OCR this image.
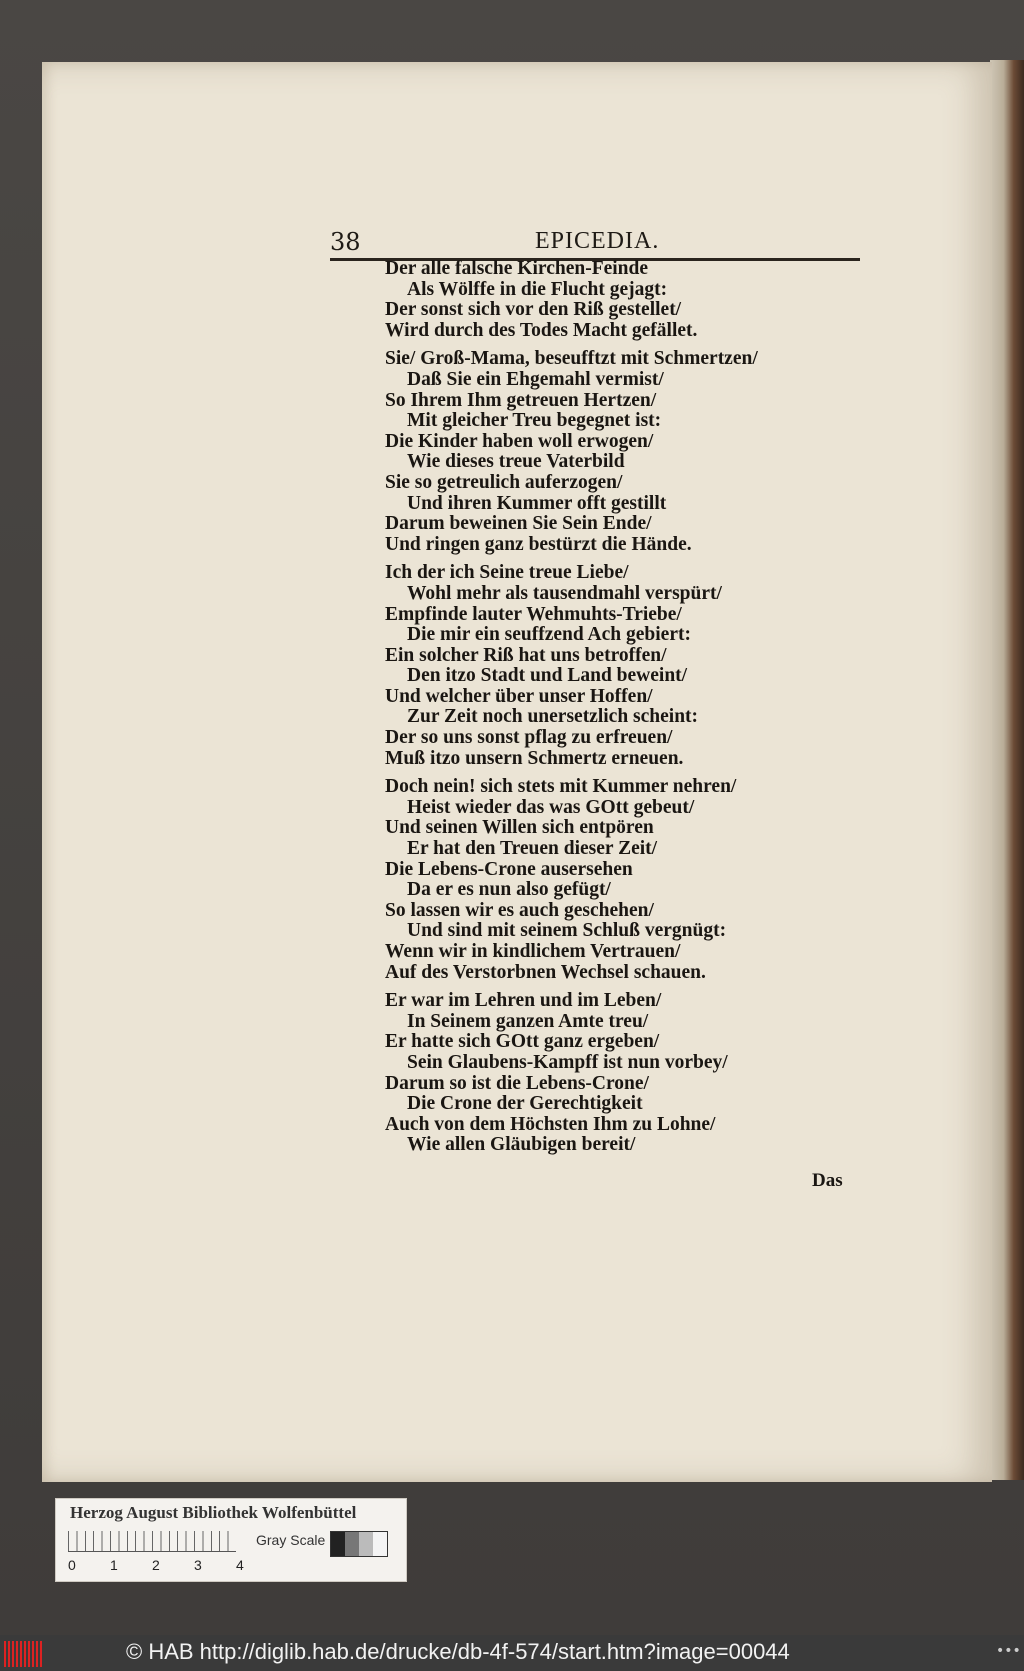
38	EPICEDIA.
Der alle falsche Kirchen-Feinde
Als Wölffe in die Flucht gejagt:
Der sonst sich vor den Riß gestellet/
Wird durch des Todes Macht gefället.
Sie/ Groß-Mama, beseufftzt mit Schmertzen/
Daß Sie ein Ehgemahl vermist/
So Ihrem Ihm getreuen Hertzen/
Mit gleicher Treu begegnet ist:
Die Kinder haben woll erwogen/
Wie dieses treue Vaterbild
Sie so getreulich auferzogen/
Und ihren Kummer offt gestillt
Darum beweinen Sie Sein Ende/
Und ringen ganz bestürzt die Hände.
Ich der ich Seine treue Liebe/
Wohl mehr als tausendmahl verspürt/
Empfinde lauter Wehmuhts-Triebe/
Die mir ein seuffzend Ach gebiert:
Ein solcher Riß hat uns betroffen/
Den itzo Stadt und Land beweint/
Und welcher über unser Hoffen/
Zur Zeit noch unersetzlich scheint:
Der so uns sonst pflag zu erfreuen/
Muß itzo unsern Schmertz erneuen.
Doch nein! sich stets mit Kummer nehren/
Heist wieder das was GOtt gebeut/
Und seinen Willen sich entpören
Er hat den Treuen dieser Zeit/
Die Lebens-Crone ausersehen
Da er es nun also gefügt/
So lassen wir es auch geschehen/
Und sind mit seinem Schluß vergnügt:
Wenn wir in kindlichem Vertrauen/
Auf des Verstorbnen Wechsel schauen.
Er war im Lehren und im Leben/
In Seinem ganzen Amte treu/
Er hatte sich GOtt ganz ergeben/
Sein Glaubens-Kampff ist nun vorbey/
Darum so ist die Lebens-Crone/
Die Crone der Gerechtigkeit
Auch von dem Höchsten Ihm zu Lohne/
Wie allen Gläubigen bereit/
Das
Herzog August Bibliothek Wolfenbüttel
0 1 2 3 4
Gray Scale
© HAB http://diglib.hab.de/drucke/db-4f-574/start.htm?image=00044	•••
